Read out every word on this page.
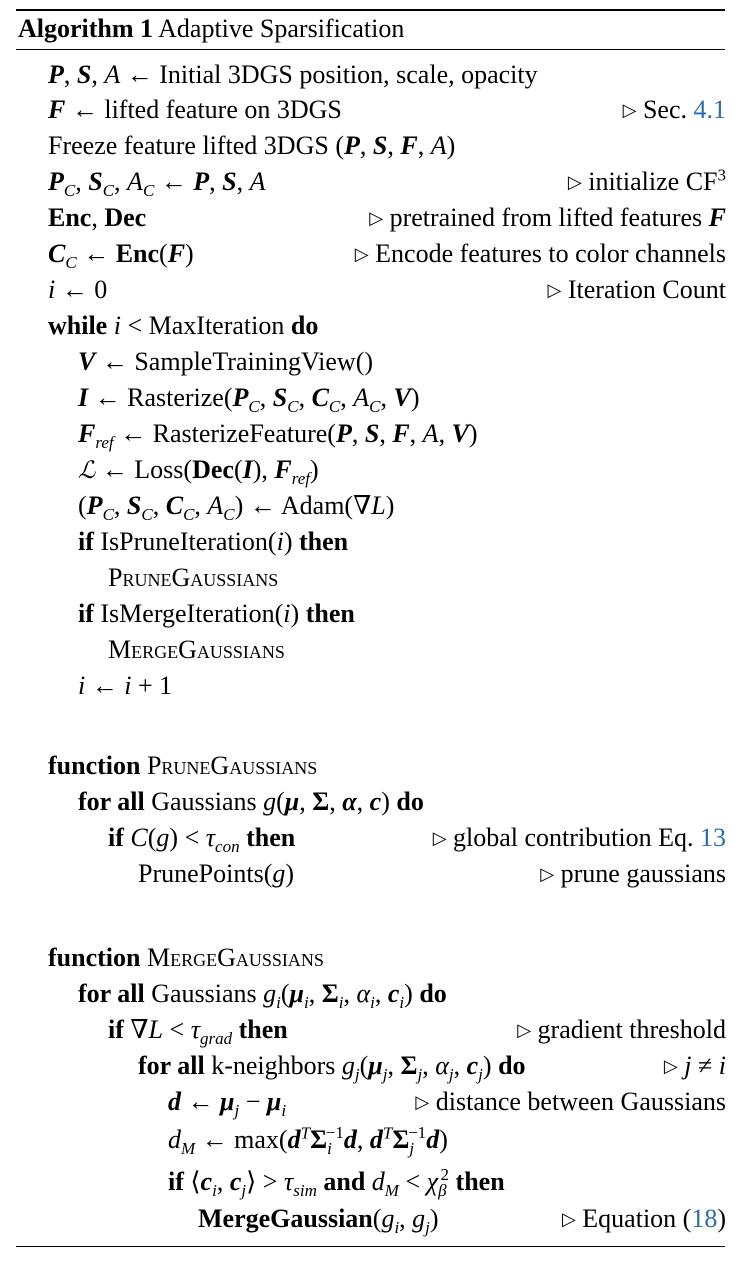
Algorithm 1 Adaptive Sparsification
P, S, A ← Initial 3DGS position, scale, opacity
F ← lifted feature on 3DGS	▷ Sec. 4.1
Freeze feature lifted 3DGS (P, S, F, A)
$P_C$, $S_C$, $A_C$ ← P, S, A	▷ initialize $CF^3$
Enc, Dec	▷ pretrained from lifted features F
$C_C$ ← Enc(F)	▷ Encode features to color channels
i ← 0	▷ Iteration Count
while i < MaxIteration do
V ← SampleTrainingView()
I ← $Rasterize(P_C$, $S_C$, $C_C$, $A_C$, V)
$F_{ref}$ ← RasterizeFeature(P, S, F, A, V)
ℒ ← Loss(Dec(I), $F_{ref}$)
($P_C$, $S_C$, $C_C$, $A_C$) ← Adam(∇L)
if IsPruneIteration(i) then
PruneGaussians
if IsMergeIteration(i) then
MergeGaussians
i ← i + 1
function PruneGaussians
for all Gaussians g(μ, Σ, α, c) do
if $C(g) < \tau_{con}$ then	▷ global contribution Eq. 13
PrunePoints(g)	▷ prune gaussians
function MergeGaussians
for all Gaussians $g_i(\mu_i$, $\Sigma_i$, $\alpha_i$, $c_i$) do
if $\nabla L < \tau_{grad}$ then	▷ gradient threshold
for all k-neighbors $g_j(\mu_j$, $\Sigma_j$, $\alpha_j$, $c_j$) do	▷ j ≠ i
d ← $\mu_j - \mu_i$	▷ distance between Gaussians
$d_M$ ← $\max(d^T\Sigma_i^{-1}d$, $d^T\Sigma_j^{-1}d$)
if $⟨c_i$, $c_j⟩ > \tau_{sim}$ and $d_M < \chi_\beta^2$ then
$MergeGaussian(g_i$, $g_j$)	▷ Equation (18)
